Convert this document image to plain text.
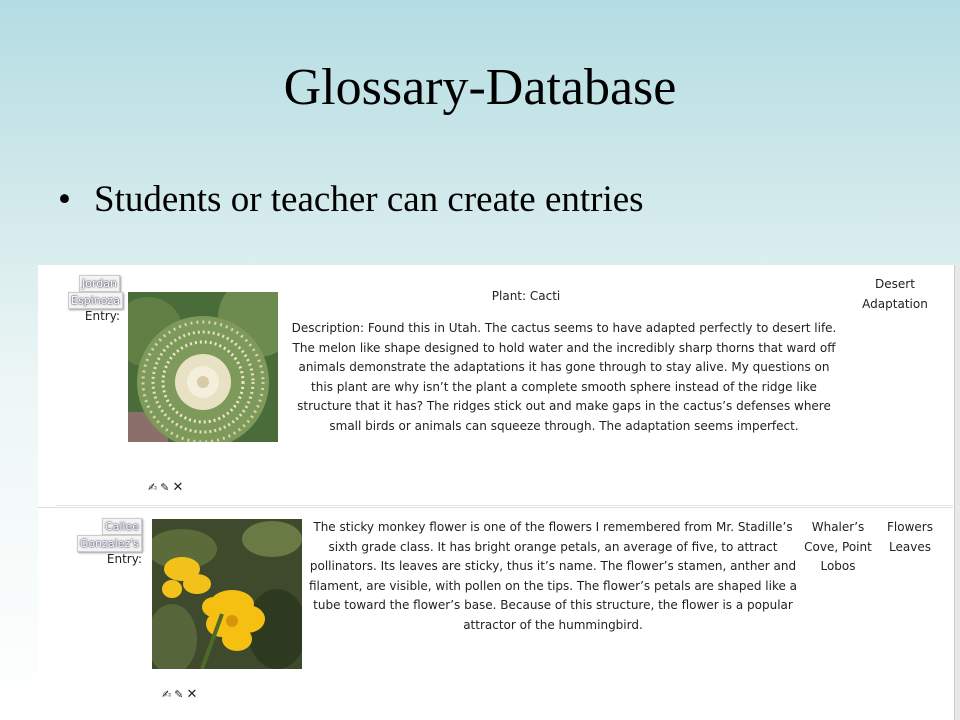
Glossary-Database
• Students or teacher can create entries
Jordan
Espinoza
Entry:
✍ ✎ ✕
Plant: Cacti
Description: Found this in Utah. The cactus seems to have adapted perfectly to desert life. The melon like shape designed to hold water and the incredibly sharp thorns that ward off animals demonstrate the adaptations it has gone through to stay alive. My questions on this plant are why isn’t the plant a complete smooth sphere instead of the ridge like structure that it has? The ridges stick out and make gaps in the cactus’s defenses where small birds or animals can squeeze through. The adaptation seems imperfect.
Desert Adaptation
Cailee
Gonzalez's
Entry:
✍ ✎ ✕
The sticky monkey flower is one of the flowers I remembered from Mr. Stadille’s sixth grade class. It has bright orange petals, an average of five, to attract pollinators. Its leaves are sticky, thus it’s name. The flower’s stamen, anther and filament, are visible, with pollen on the tips. The flower’s petals are shaped like a tube toward the flower’s base. Because of this structure, the flower is a popular attractor of the hummingbird.
Whaler’s Cove, Point Lobos
Flowers Leaves
